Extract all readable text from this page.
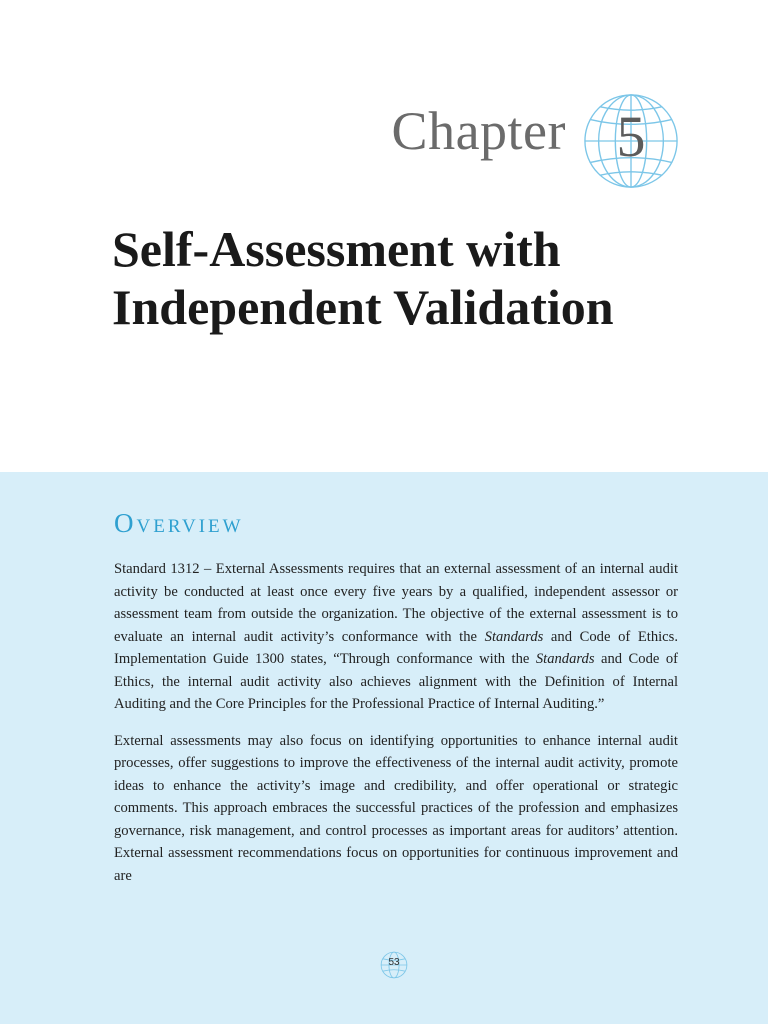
Chapter 5
Self-Assessment with
Independent Validation
Overview

Standard 1312 – External Assessments requires that an external assessment of an internal audit activity be conducted at least once every five years by a qualified, independent assessor or assessment team from outside the organization. The objective of the external assessment is to evaluate an internal audit activity’s conformance with the Standards and Code of Ethics. Implementation Guide 1300 states, “Through conformance with the Standards and Code of Ethics, the internal audit activity also achieves alignment with the Definition of Internal Auditing and the Core Principles for the Professional Practice of Internal Auditing.”

External assessments may also focus on identifying opportunities to enhance internal audit processes, offer suggestions to improve the effectiveness of the internal audit activity, promote ideas to enhance the activity’s image and credibility, and offer operational or strategic comments. This approach embraces the successful practices of the profession and emphasizes governance, risk management, and control processes as important areas for auditors’ attention. External assessment recommendations focus on opportunities for continuous improvement and are

53
